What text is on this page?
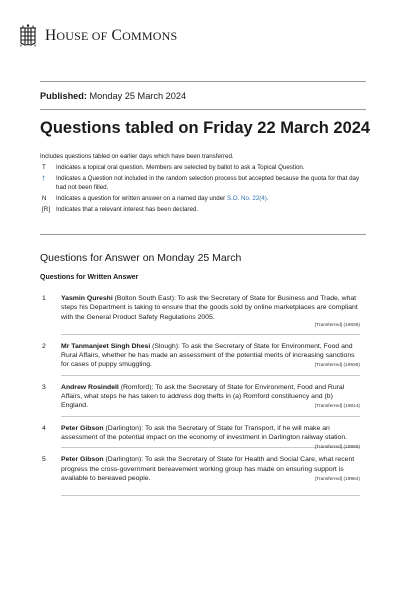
HOUSE OF COMMONS
Published: Monday 25 March 2024
Questions tabled on Friday 22 March 2024
Includes questions tabled on earlier days which have been transferred.
T	Indicates a topical oral question. Members are selected by ballot to ask a Topical Question.
†	Indicates a Question not included in the random selection process but accepted because the quota for that day had not been filled.
N	Indicates a question for written answer on a named day under S.O. No. 22(4).
[R] Indicates that a relevant interest has been declared.
Questions for Answer on Monday 25 March
Questions for Written Answer
1 Yasmin Qureshi (Bolton South East): To ask the Secretary of State for Business and Trade, what steps his Department is taking to ensure that the goods sold by online marketplaces are compliant with the General Product Safety Regulations 2005.
[Transferred] (19838)
2 Mr Tanmanjeet Singh Dhesi (Slough): To ask the Secretary of State for Environment, Food and Rural Affairs, whether he has made an assessment of the potential merits of increasing sanctions for cases of puppy smuggling.	[Transferred] (19938)
3 Andrew Rosindell (Romford): To ask the Secretary of State for Environment, Food and Rural Affairs, what steps he has taken to address dog thefts in (a) Romford constituency and (b) England.	[Transferred] (19814)
4 Peter Gibson (Darlington): To ask the Secretary of State for Transport, if he will make an assessment of the potential impact on the economy of investment in Darlington railway station.
[Transferred] (19999)
5 Peter Gibson (Darlington): To ask the Secretary of State for Health and Social Care, what recent progress the cross-government bereavement working group has made on ensuring support is available to bereaved people.	[Transferred] (19964)
